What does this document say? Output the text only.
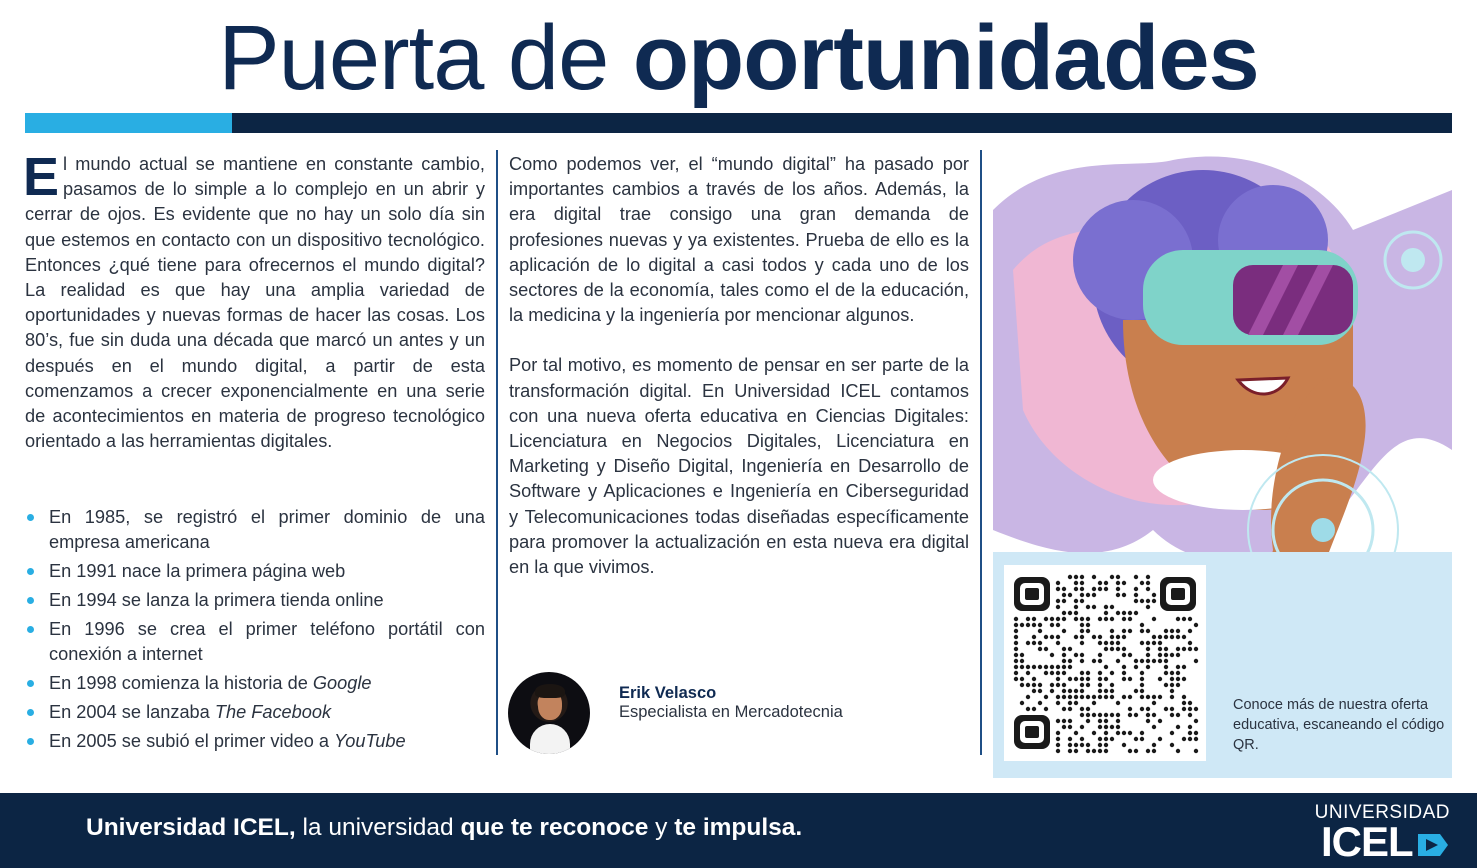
Puerta de oportunidades
El mundo actual se mantiene en constante cambio, pasamos de lo simple a lo complejo en un abrir y cerrar de ojos. Es evidente que no hay un solo día sin que estemos en contacto con un dispositivo tecnológico. Entonces ¿qué tiene para ofrecernos el mundo digital? La realidad es que hay una amplia variedad de oportunidades y nuevas formas de hacer las cosas. Los 80’s, fue sin duda una década que marcó un antes y un después en el mundo digital, a partir de esta comenzamos a crecer exponencialmente en una serie de acontecimientos en materia de progreso tecnológico orientado a las herramientas digitales.
En 1985, se registró el primer dominio de una empresa americana
En 1991 nace la primera página web
En 1994 se lanza la primera tienda online
En 1996 se crea el primer teléfono portátil con conexión a internet
En 1998 comienza la historia de Google
En 2004 se lanzaba The Facebook
En 2005 se subió el primer video a YouTube

Como podemos ver, el “mundo digital” ha pasado por importantes cambios a través de los años. Además, la era digital trae consigo una gran demanda de profesiones nuevas y ya existentes. Prueba de ello es la aplicación de lo digital a casi todos y cada uno de los sectores de la economía, tales como el de la educación, la medicina y la ingeniería por mencionar algunos.

Por tal motivo, es momento de pensar en ser parte de la transformación digital. En Universidad ICEL contamos con una nueva oferta educativa en Ciencias Digitales: Licenciatura en Negocios Digitales, Licenciatura en Marketing y Diseño Digital, Ingeniería en Desarrollo de Software y Aplicaciones e Ingeniería en Ciberseguridad y Telecomunicaciones todas diseñadas específicamente para promover la actualización en esta nueva era digital en la que vivimos.

Erik Velasco
Especialista en Mercadotecnia	Conoce más de nuestra oferta educativa, escaneando el código QR.
Universidad ICEL, la universidad que te reconoce y te impulsa.
UNIVERSIDAD
ICEL
